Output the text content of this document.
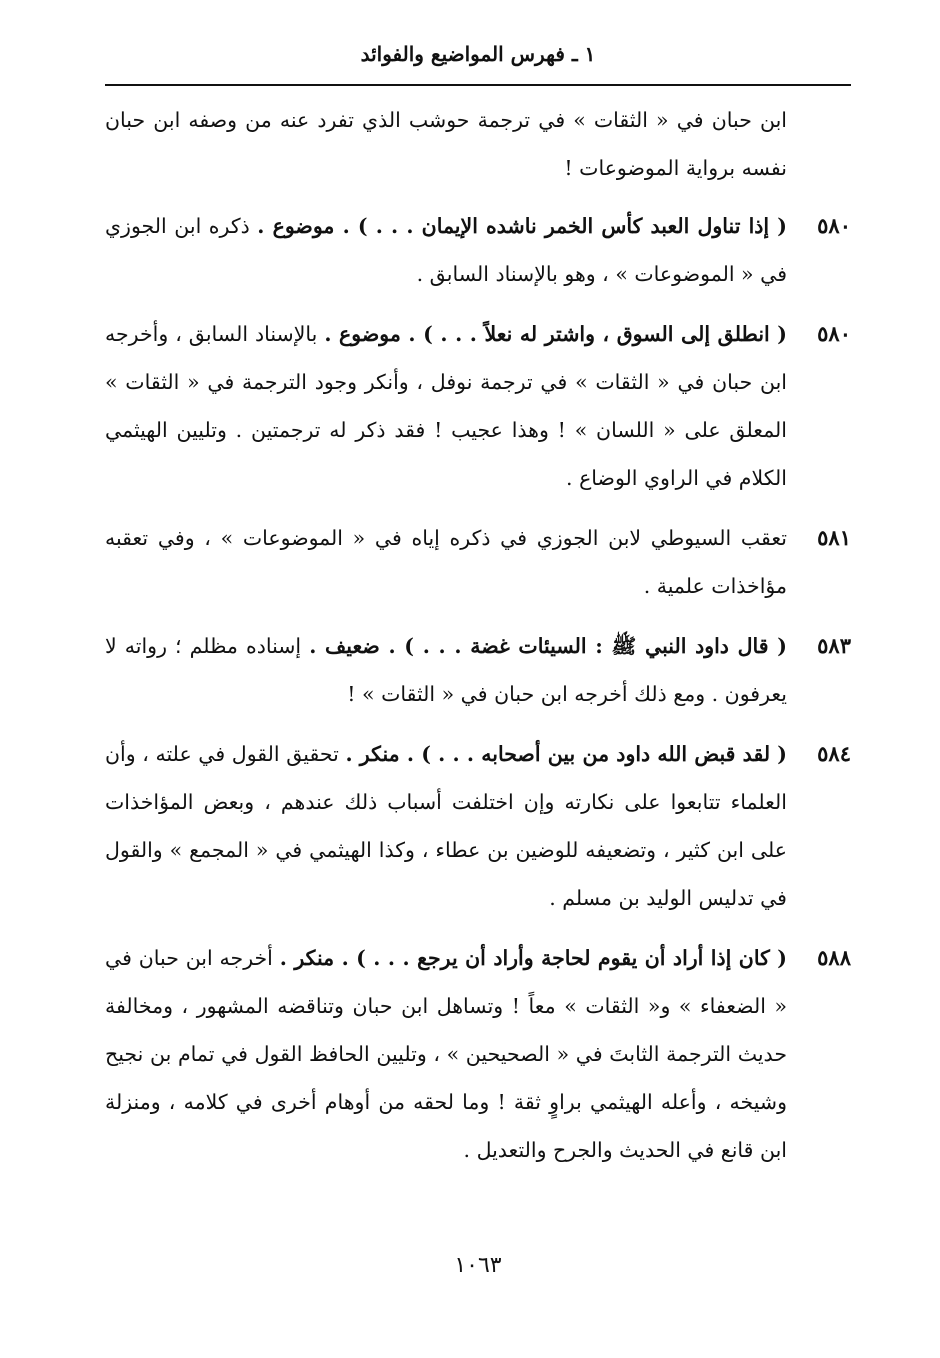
١ ـ فهرس المواضيع والفوائد
ابن حبان في « الثقات » في ترجمة حوشب الذي تفرد عنه من وصفه ابن حبان نفسه برواية الموضوعات !
٥٨٠
( إذا تناول العبد كأس الخمر ناشده الإيمان . . . ) . موضوع . ذكره ابن الجوزي في « الموضوعات » ، وهو بالإسناد السابق .
٥٨٠
( انطلق إلى السوق ، واشتر له نعلاً . . . ) . موضوع . بالإسناد السابق ، وأخرجه ابن حبان في « الثقات » في ترجمة نوفل ، وأنكر وجود الترجمة في « الثقات » المعلق على « اللسان » ! وهذا عجيب ! فقد ذكر له ترجمتين . وتليين الهيثمي الكلام في الراوي الوضاع .
٥٨١
تعقب السيوطي لابن الجوزي في ذكره إياه في « الموضوعات » ، وفي تعقبه مؤاخذات علمية .
٥٨٣
( قال داود النبي ﷺ : السيئات غضة . . . ) . ضعيف . إسناده مظلم ؛ رواته لا يعرفون . ومع ذلك أخرجه ابن حبان في « الثقات » !
٥٨٤
( لقد قبض الله داود من بين أصحابه . . . ) . منكر . تحقيق القول في علته ، وأن العلماء تتابعوا على نكارته وإن اختلفت أسباب ذلك عندهم ، وبعض المؤاخذات على ابن كثير ، وتضعيفه للوضين بن عطاء ، وكذا الهيثمي في « المجمع » والقول في تدليس الوليد بن مسلم .
٥٨٨
( كان إذا أراد أن يقوم لحاجة وأراد أن يرجع . . . ) . منكر . أخرجه ابن حبان في « الضعفاء » و« الثقات » معاً ! وتساهل ابن حبان وتناقضه المشهور ، ومخالفة حديث الترجمة الثابتَ في « الصحيحين » ، وتليين الحافظ القول في تمام بن نجيح وشيخه ، وأعله الهيثمي براوٍ ثقة ! وما لحقه من أوهام أخرى في كلامه ، ومنزلة ابن قانع في الحديث والجرح والتعديل .
١٠٦٣
